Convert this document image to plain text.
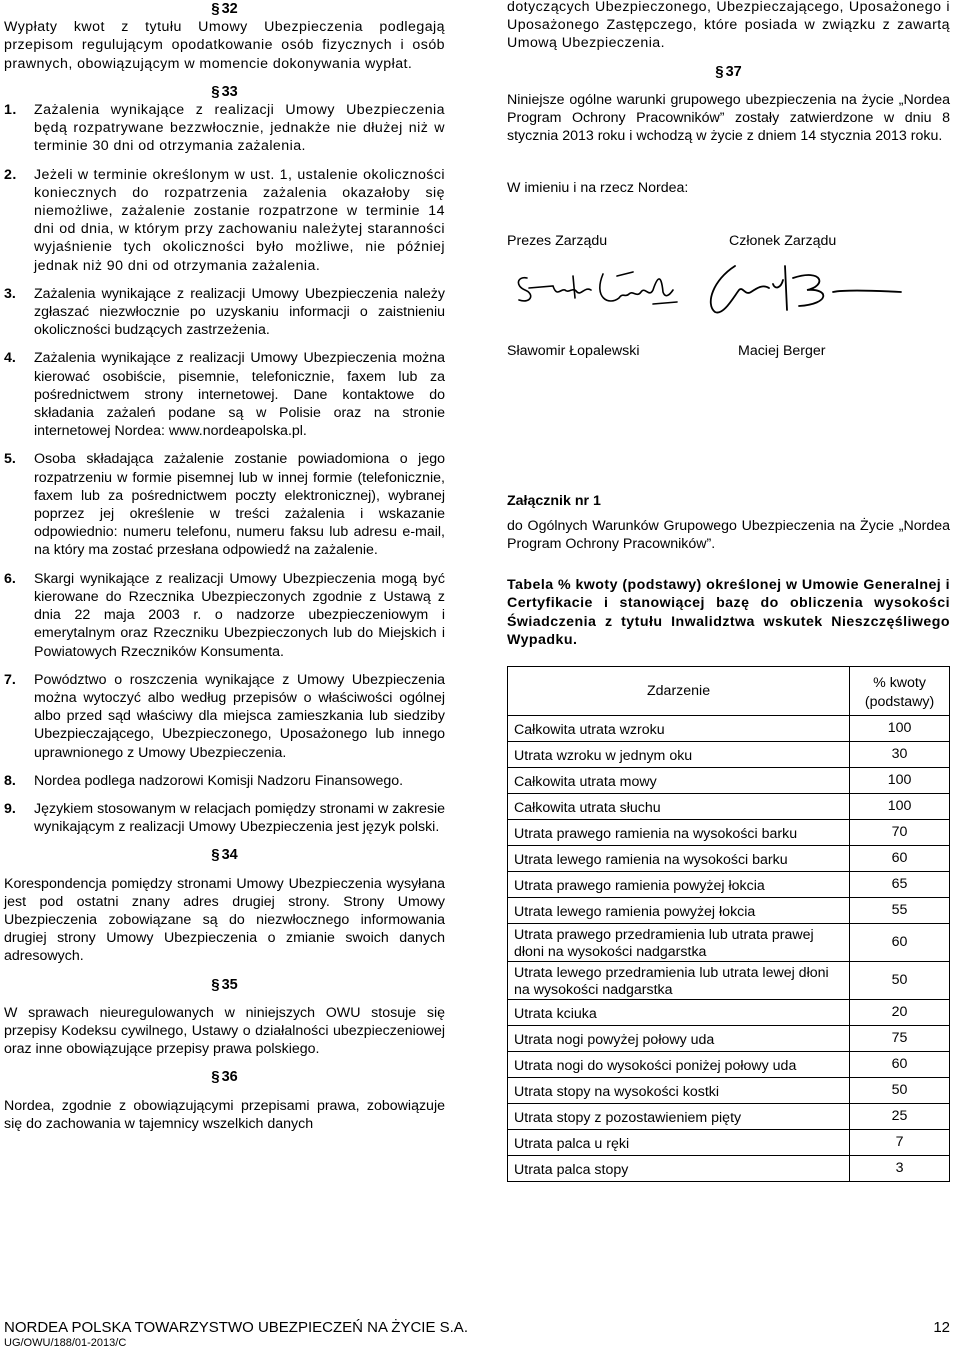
§ 32
Wypłaty kwot z tytułu Umowy Ubezpieczenia podlegają przepisom regulującym opodatkowanie osób fizycznych i osób prawnych, obowiązującym w momencie dokonywania wypłat.
§ 33
1. Zażalenia wynikające z realizacji Umowy Ubezpieczenia będą rozpatrywane bezzwłocznie, jednakże nie dłużej niż w terminie 30 dni od otrzymania zażalenia.
2. Jeżeli w terminie określonym w ust. 1, ustalenie okoliczności koniecznych do rozpatrzenia zażalenia okazałoby się niemożliwe, zażalenie zostanie rozpatrzone w terminie 14 dni od dnia, w którym przy zachowaniu należytej staranności wyjaśnienie tych okoliczności było możliwe, nie później jednak niż 90 dni od otrzymania zażalenia.
3. Zażalenia wynikające z realizacji Umowy Ubezpieczenia należy zgłaszać niezwłocznie po uzyskaniu informacji o zaistnieniu okoliczności budzących zastrzeżenia.
4. Zażalenia wynikające z realizacji Umowy Ubezpieczenia można kierować osobiście, pisemnie, telefonicznie, faxem lub za pośrednictwem strony internetowej. Dane kontaktowe do składania zażaleń podane są w Polisie oraz na stronie internetowej Nordea: www.nordeapolska.pl.
5. Osoba składająca zażalenie zostanie powiadomiona o jego rozpatrzeniu w formie pisemnej lub w innej formie (telefonicznie, faxem lub za pośrednictwem poczty elektronicznej), wybranej poprzez jej określenie w treści zażalenia i wskazanie odpowiednio: numeru telefonu, numeru faksu lub adresu e-mail, na który ma zostać przesłana odpowiedź na zażalenie.
6. Skargi wynikające z realizacji Umowy Ubezpieczenia mogą być kierowane do Rzecznika Ubezpieczonych zgodnie z Ustawą z dnia 22 maja 2003 r. o nadzorze ubezpieczeniowym i emerytalnym oraz Rzeczniku Ubezpieczonych lub do Miejskich i Powiatowych Rzeczników Konsumenta.
7. Powództwo o roszczenia wynikające z Umowy Ubezpieczenia można wytoczyć albo według przepisów o właściwości ogólnej albo przed sąd właściwy dla miejsca zamieszkania lub siedziby Ubezpieczającego, Ubezpieczonego, Uposażonego lub innego uprawnionego z Umowy Ubezpieczenia.
8. Nordea podlega nadzorowi Komisji Nadzoru Finansowego.
9. Językiem stosowanym w relacjach pomiędzy stronami w zakresie wynikającym z realizacji Umowy Ubezpieczenia jest język polski.
§ 34
Korespondencja pomiędzy stronami Umowy Ubezpieczenia wysyłana jest pod ostatni znany adres drugiej strony. Strony Umowy Ubezpieczenia zobowiązane są do niezwłocznego informowania drugiej strony Umowy Ubezpieczenia o zmianie swoich danych adresowych.
§ 35
W sprawach nieuregulowanych w niniejszych OWU stosuje się przepisy Kodeksu cywilnego, Ustawy o działalności ubezpieczeniowej oraz inne obowiązujące przepisy prawa polskiego.
§ 36
Nordea, zgodnie z obowiązującymi przepisami prawa, zobowiązuje się do zachowania w tajemnicy wszelkich danych
dotyczących Ubezpieczonego, Ubezpieczającego, Uposażonego i Uposażonego Zastępczego, które posiada w związku z zawartą Umową Ubezpieczenia.
§ 37
Niniejsze ogólne warunki grupowego ubezpieczenia na życie „Nordea Program Ochrony Pracowników” zostały zatwierdzone w dniu 8 stycznia 2013 roku i wchodzą w życie z dniem 14 stycznia 2013 roku.
W imieniu i na rzecz Nordea:
Prezes Zarządu	Członek Zarządu
Sławomir Łopalewski	Maciej Berger
Załącznik nr 1
do Ogólnych Warunków Grupowego Ubezpieczenia na Życie „Nordea Program Ochrony Pracowników”.
Tabela % kwoty (podstawy) określonej w Umowie Generalnej i Certyfikacie i stanowiącej bazę do obliczenia wysokości Świadczenia z tytułu Inwalidztwa wskutek Nieszczęśliwego Wypadku.
Zdarzenie	% kwoty (podstawy)
Całkowita utrata wzroku	100
Utrata wzroku w jednym oku	30
Całkowita utrata mowy	100
Całkowita utrata słuchu	100
Utrata prawego ramienia na wysokości barku	70
Utrata lewego ramienia na wysokości barku	60
Utrata prawego ramienia powyżej łokcia	65
Utrata lewego ramienia powyżej łokcia	55
Utrata prawego przedramienia lub utrata prawej dłoni na wysokości nadgarstka	60
Utrata lewego przedramienia lub utrata lewej dłoni na wysokości nadgarstka	50
Utrata kciuka	20
Utrata nogi powyżej połowy uda	75
Utrata nogi do wysokości poniżej połowy uda	60
Utrata stopy na wysokości kostki	50
Utrata stopy z pozostawieniem pięty	25
Utrata palca u ręki	7
Utrata palca stopy	3
NORDEA POLSKA TOWARZYSTWO UBEZPIECZEŃ NA ŻYCIE S.A.
UG/OWU/188/01-2013/C
12
